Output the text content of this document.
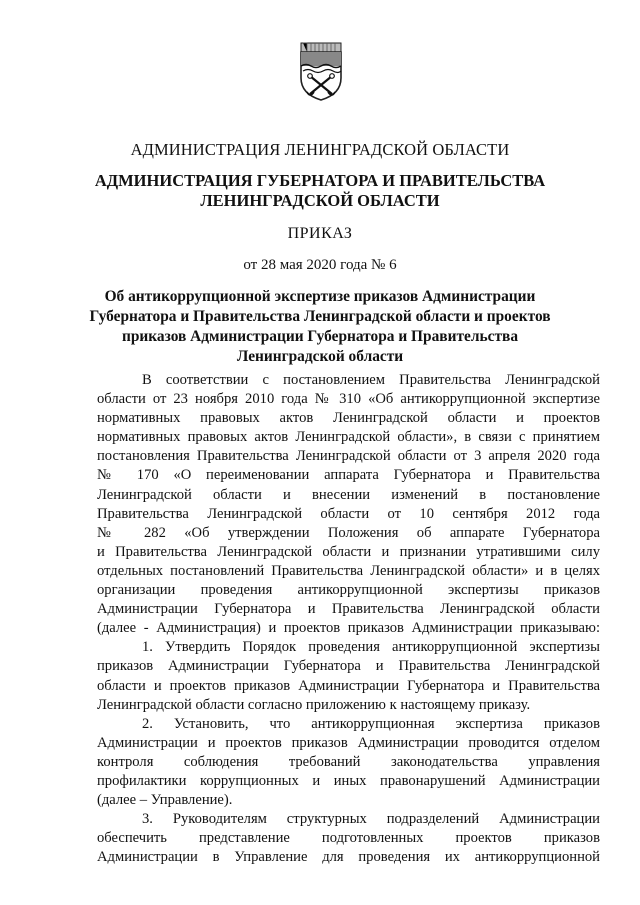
АДМИНИСТРАЦИЯ ЛЕНИНГРАДСКОЙ ОБЛАСТИ
АДМИНИСТРАЦИЯ ГУБЕРНАТОРА И ПРАВИТЕЛЬСТВА
ЛЕНИНГРАДСКОЙ ОБЛАСТИ
ПРИКАЗ
от 28 мая 2020 года № 6
Об антикоррупционной экспертизе приказов Администрации
Губернатора и Правительства Ленинградской области и проектов
приказов Администрации Губернатора и Правительства
Ленинградской области
В соответствии с постановлением Правительства Ленинградской
области от 23 ноября 2010 года № 310 «Об антикоррупционной экспертизе
нормативных правовых актов Ленинградской области и проектов
нормативных правовых актов Ленинградской области», в связи с принятием
постановления Правительства Ленинградской области от 3 апреля 2020 года
№ 170 «О переименовании аппарата Губернатора и Правительства
Ленинградской области и внесении изменений в постановление
Правительства Ленинградской области от 10 сентября 2012 года
№ 282 «Об утверждении Положения об аппарате Губернатора
и Правительства Ленинградской области и признании утратившими силу
отдельных постановлений Правительства Ленинградской области» и в целях
организации проведения антикоррупционной экспертизы приказов
Администрации Губернатора и Правительства Ленинградской области
(далее - Администрация) и проектов приказов Администрации приказываю:
1. Утвердить Порядок проведения антикоррупционной экспертизы
приказов Администрации Губернатора и Правительства Ленинградской
области и проектов приказов Администрации Губернатора и Правительства
Ленинградской области согласно приложению к настоящему приказу.
2. Установить, что антикоррупционная экспертиза приказов
Администрации и проектов приказов Администрации проводится отделом
контроля соблюдения требований законодательства управления
профилактики коррупционных и иных правонарушений Администрации
(далее – Управление).
3. Руководителям структурных подразделений Администрации
обеспечить представление подготовленных проектов приказов
Администрации в Управление для проведения их антикоррупционной
